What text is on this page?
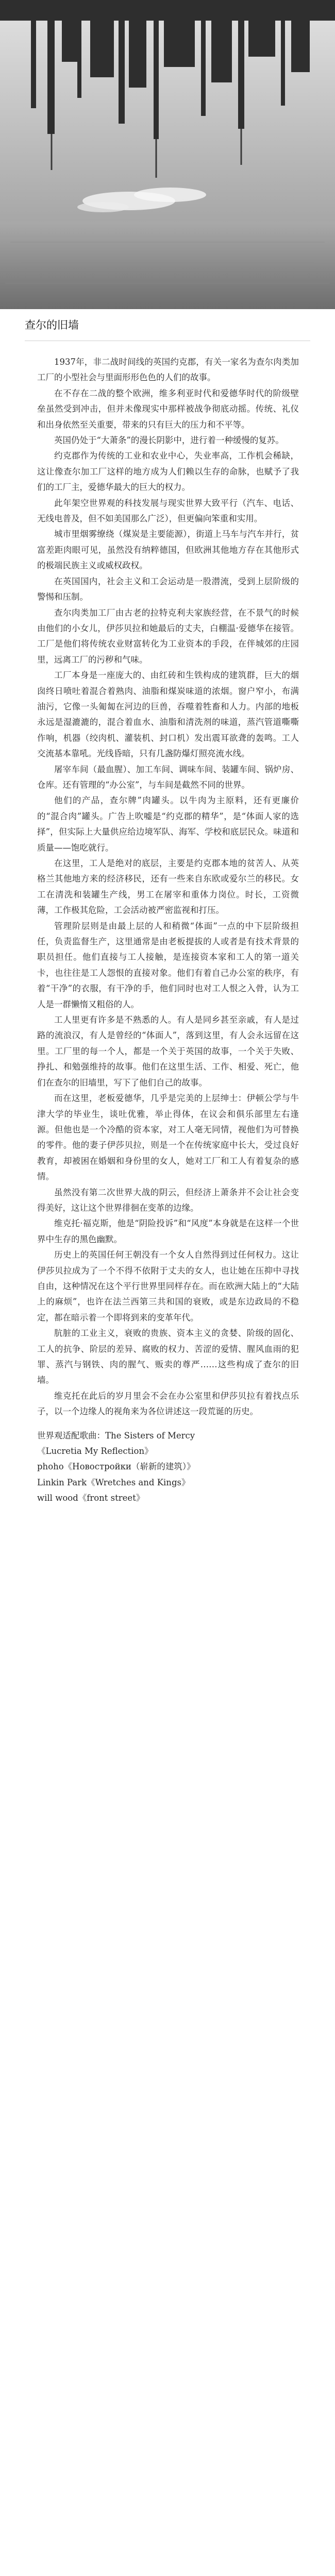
查尔的旧墙

1937年，非二战时间线的英国约克郡，有关一家名为查尔肉类加工厂的小型社会与里面形形色色的人们的故事。

在不存在二战的整个欧洲，维多利亚时代和爱德华时代的阶级壁垒虽然受到冲击，但并未像现实中那样被战争彻底动摇。传统、礼仪和出身依然至关重要，带来的只有巨大的压力和不平等。

英国仍处于“大萧条”的漫长阴影中，进行着一种缓慢的复苏。

约克郡作为传统的工业和农业中心，失业率高，工作机会稀缺，这让像查尔加工厂这样的地方成为人们赖以生存的命脉，也赋予了我们的工厂主，爱德华最大的巨大的权力。

此年架空世界观的科技发展与现实世界大致平行（汽车、电话、无线电普及，但不如美国那么广泛），但更偏向笨重和实用。

城市里烟雾缭绕（煤炭是主要能源），街道上马车与汽车并行，贫富差距肉眼可见，虽然没有纳粹德国，但欧洲其他地方存在其他形式的极端民族主义或威权政权。

在英国国内，社会主义和工会运动是一股潜流，受到上层阶级的警惕和压制。

查尔肉类加工厂由古老的拉特克利夫家族经营，在不景气的时候由他们的小女儿，伊莎贝拉和她最后的丈夫，白棚温·爱德华在接管。工厂是他们将传统农业财富转化为工业资本的手段，在伴城郊的庄园里，远离工厂的污秽和气味。

工厂本身是一座庞大的、由红砖和生铁构成的建筑群，巨大的烟囱终日喷吐着混合着熟肉、油脂和煤炭味道的浓烟。窗户窄小，布满油污，它像一头匍匐在河边的巨兽，吞噬着牲畜和人力。内部的地板永远是湿漉漉的，混合着血水、油脂和清洗剂的味道，蒸汽管道嘶嘶作响，机器（绞肉机、灌装机、封口机）发出震耳欲聋的轰鸣。工人交流基本靠吼。光线昏暗，只有几盏防爆灯照亮流水线。

屠宰车间（最血腥）、加工车间、调味车间、装罐车间、锅炉房、仓库。还有管理的“办公室”，与车间是截然不同的世界。

他们的产品，查尔牌”肉罐头。以牛肉为主原料，还有更廉价的“混合肉”罐头。广告上吹嘘是“约克郡的精华”，是“体面人家的选择”，但实际上大量供应给边境军队、海军、学校和底层民众。味道和质量——饱吃就行。

在这里，工人是绝对的底层，主要是约克郡本地的贫苦人、从英格兰其他地方来的经济移民，还有一些来自东欧或爱尔兰的移民。女工在清洗和装罐生产线，男工在屠宰和重体力岗位。时长，工资微薄，工作极其危险，工会活动被严密监视和打压。

管理阶层则是由最上层的人和稍微“体面”一点的中下层阶级担任，负责监督生产，这里通常是由老板提拔的人或者是有技术背景的职员担任。他们直接与工人接触，是连接资本家和工人的第一道关卡，也往往是工人怨恨的直接对象。他们有着自己办公室的秩序，有着“干净”的衣服，有干净的手，他们同时也对工人恨之入骨，认为工人是一群懒惰又粗俗的人。

工人里更有许多是不熟悉的人。有人是同乡甚至亲戚，有人是过路的流浪汉，有人是曾经的“体面人”，落到这里，有人会永远留在这里。工厂里的每一个人，都是一个关于英国的故事，一个关于失败、挣扎、和勉强维持的故事。他们在这里生活、工作、相爱、死亡，他们在查尔的旧墙里，写下了他们自己的故事。

而在这里，老板爱德华，几乎是完美的上层绅士：伊顿公学与牛津大学的毕业生，谈吐优雅，举止得体，在议会和俱乐部里左右逢源。但他也是一个冷酷的资本家，对工人毫无同情，视他们为可替换的零件。他的妻子伊莎贝拉，则是一个在传统家庭中长大，受过良好教育，却被困在婚姻和身份里的女人，她对工厂和工人有着复杂的感情。

虽然没有第二次世界大战的阴云，但经济上萧条并不会让社会变得美好，这让这个世界徘徊在变革的边缘。

维克托·福克斯，他是“阴险投诉”和“风度”本身就是在这样一个世界中生存的黑色幽默。

历史上的英国任何王朝没有一个女人自然得到过任何权力。这让伊莎贝拉成为了一个不得不依附于丈夫的女人，也让她在压抑中寻找自由，这种情况在这个平行世界里同样存在。而在欧洲大陆上的“大陆上的麻烦”，也许在法兰西第三共和国的衰败，或是东边政局的不稳定，都在暗示着一个即将到来的变革年代。

肮脏的工业主义，衰败的贵族、资本主义的贪婪、阶级的固化、工人的抗争、阶层的差异、腐败的权力、苦涩的爱情、腥风血雨的犯罪、蒸汽与钢铁、肉的腥气、贩卖的尊严……这些构成了查尔的旧墙。

维克托在此后的岁月里会不会在办公室里和伊莎贝拉有着找点乐子，以一个边缘人的视角来为各位讲述这一段荒诞的历史。

世界观适配歌曲：The Sisters of Mercy

《Lucretia My Reflection》

phoho《Новостройки（崭新的建筑）》

Linkin Park《Wretches and Kings》

will wood《front street》
